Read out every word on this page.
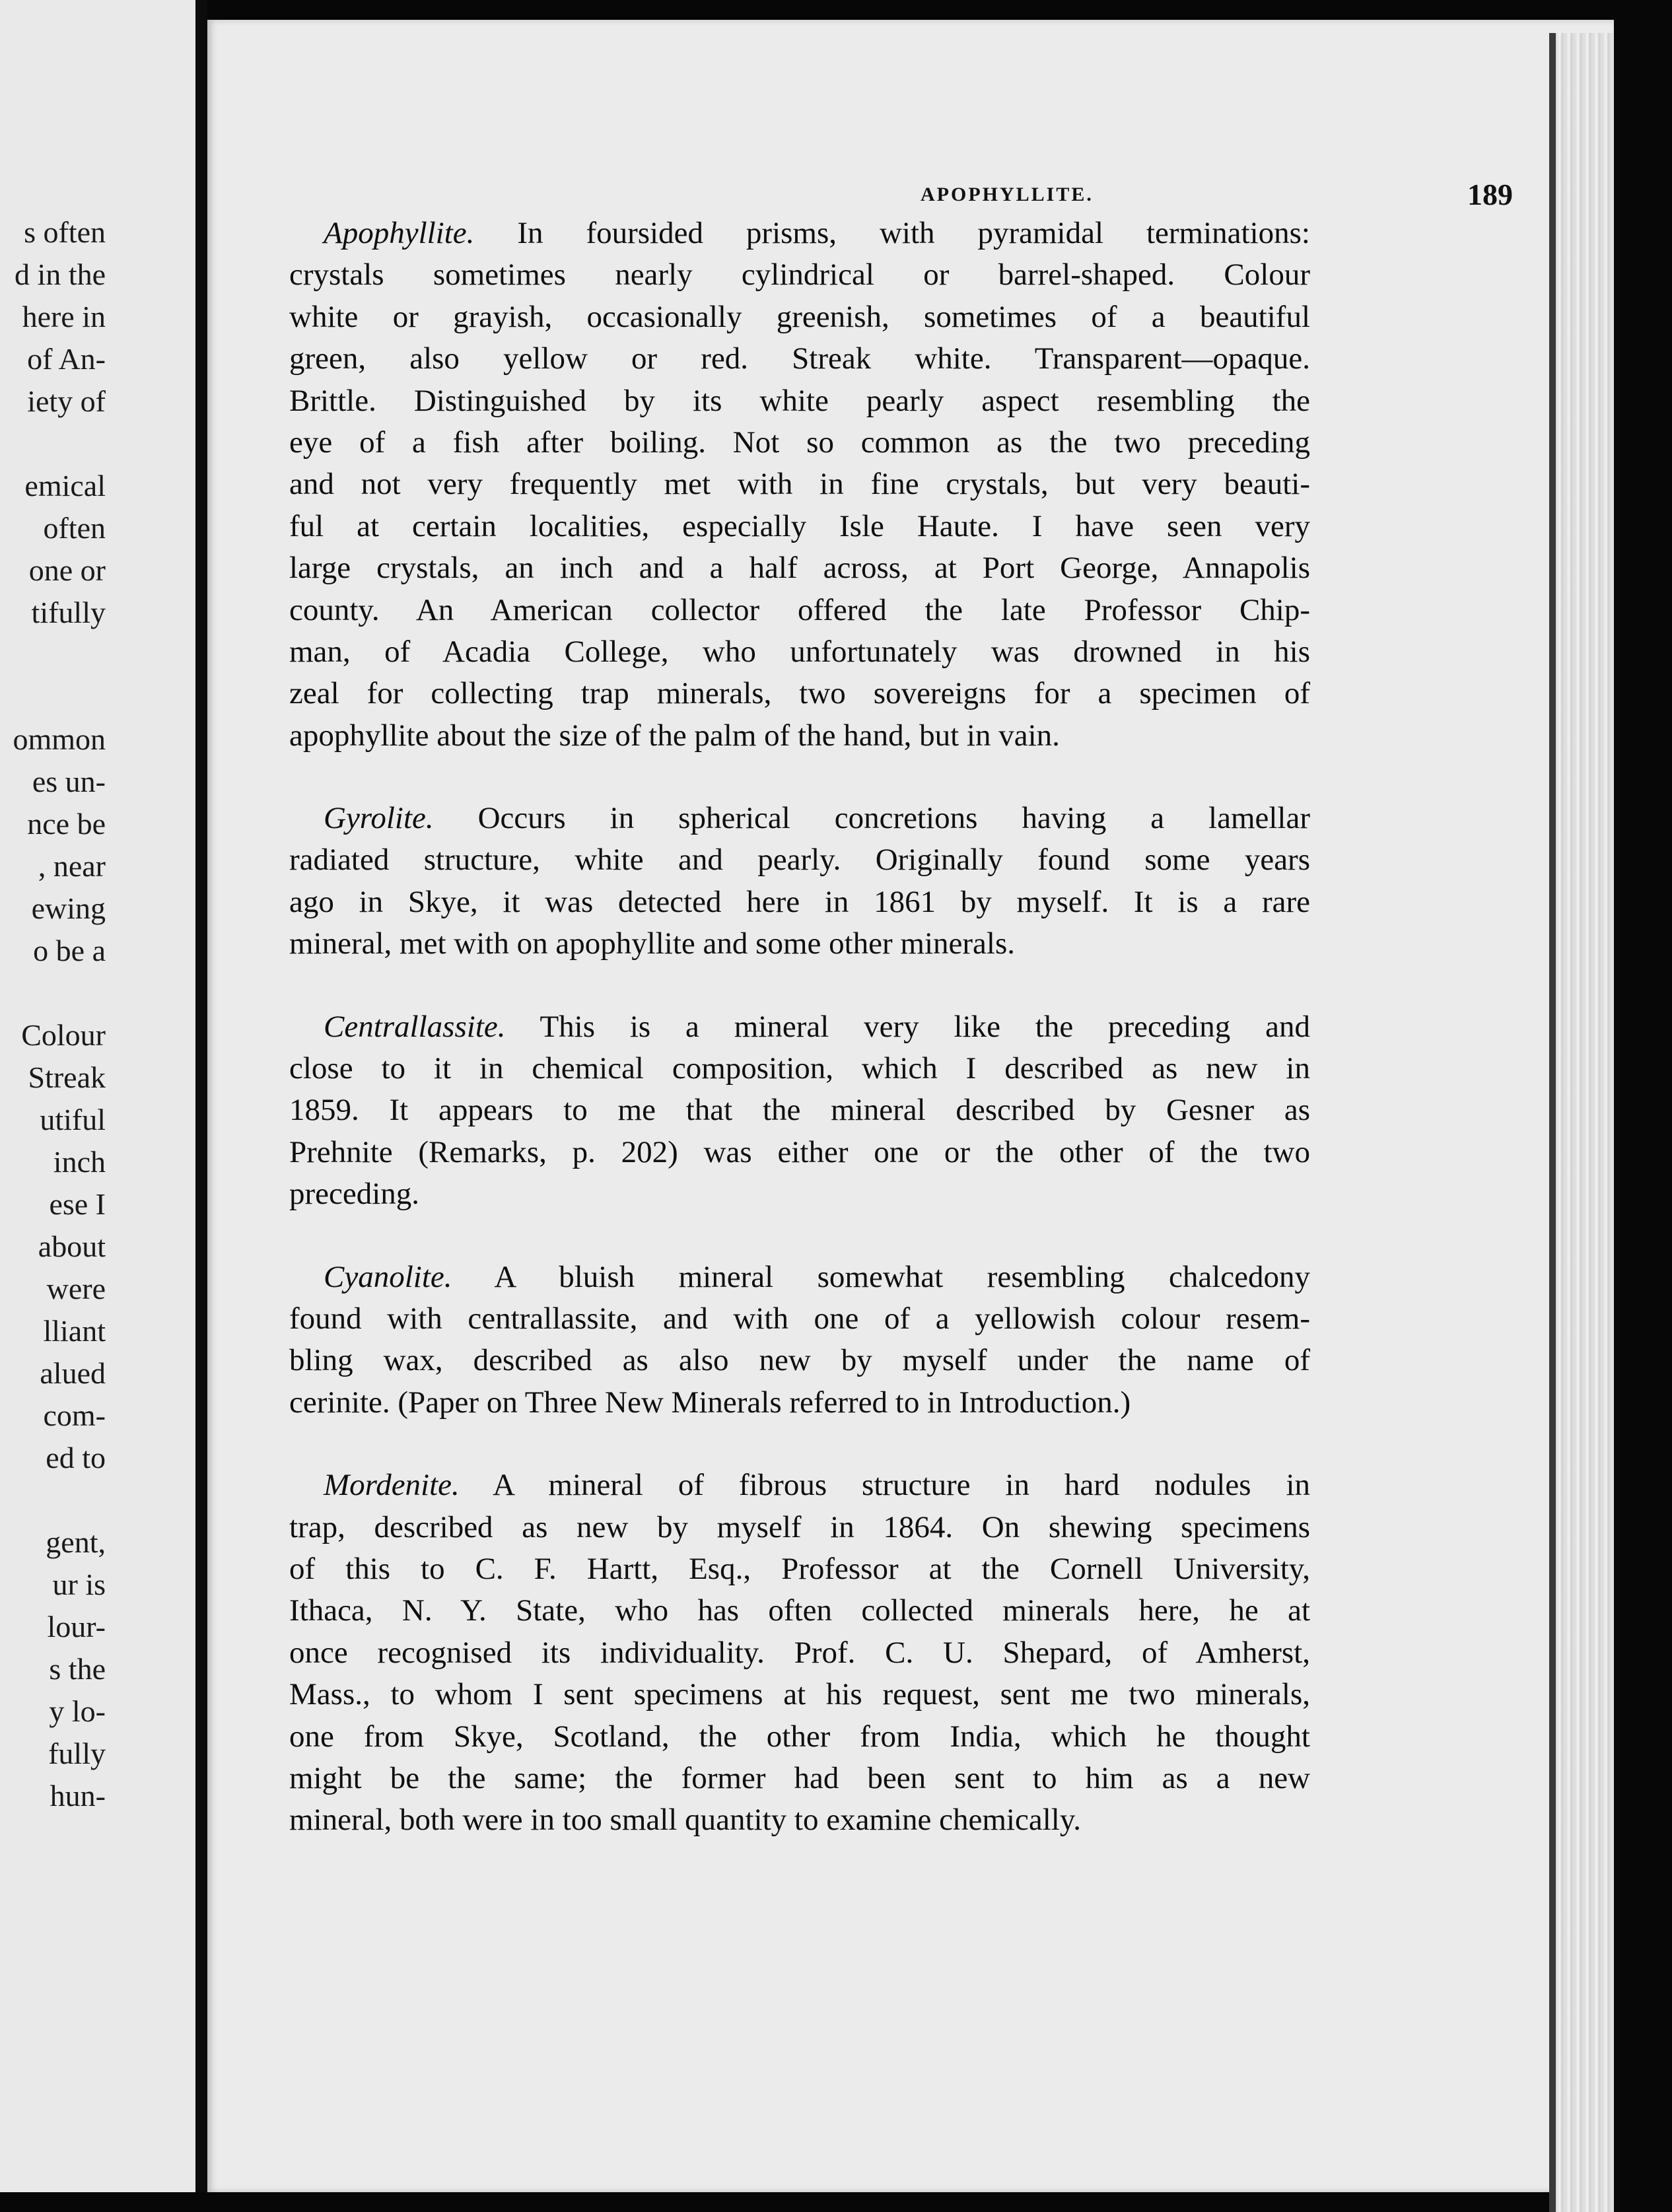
s often
d in the
here in
of An-
iety of

emical
often
one or
tifully

ommon
es un-
nce be
, near
ewing
o be a

Colour
Streak
utiful
inch
ese I
about
were
lliant
alued
com-
ed to

gent,
ur is
lour-
s the
y lo-
fully
hun-
APOPHYLLITE.	189
Apophyllite. In foursided prisms, with pyramidal terminations:
crystals sometimes nearly cylindrical or barrel-shaped. Colour
white or grayish, occasionally greenish, sometimes of a beautiful
green, also yellow or red. Streak white. Transparent—opaque.
Brittle. Distinguished by its white pearly aspect resembling the
eye of a fish after boiling. Not so common as the two preceding
and not very frequently met with in fine crystals, but very beauti-
ful at certain localities, especially Isle Haute. I have seen very
large crystals, an inch and a half across, at Port George, Annapolis
county. An American collector offered the late Professor Chip-
man, of Acadia College, who unfortunately was drowned in his
zeal for collecting trap minerals, two sovereigns for a specimen of
apophyllite about the size of the palm of the hand, but in vain.
Gyrolite. Occurs in spherical concretions having a lamellar
radiated structure, white and pearly. Originally found some years
ago in Skye, it was detected here in 1861 by myself. It is a rare
mineral, met with on apophyllite and some other minerals.
Centrallassite. This is a mineral very like the preceding and
close to it in chemical composition, which I described as new in
1859. It appears to me that the mineral described by Gesner as
Prehnite (Remarks, p. 202) was either one or the other of the two
preceding.
Cyanolite. A bluish mineral somewhat resembling chalcedony
found with centrallassite, and with one of a yellowish colour resem-
bling wax, described as also new by myself under the name of
cerinite. (Paper on Three New Minerals referred to in Introduction.)
Mordenite. A mineral of fibrous structure in hard nodules in
trap, described as new by myself in 1864. On shewing specimens
of this to C. F. Hartt, Esq., Professor at the Cornell University,
Ithaca, N. Y. State, who has often collected minerals here, he at
once recognised its individuality. Prof. C. U. Shepard, of Amherst,
Mass., to whom I sent specimens at his request, sent me two minerals,
one from Skye, Scotland, the other from India, which he thought
might be the same; the former had been sent to him as a new
mineral, both were in too small quantity to examine chemically.
